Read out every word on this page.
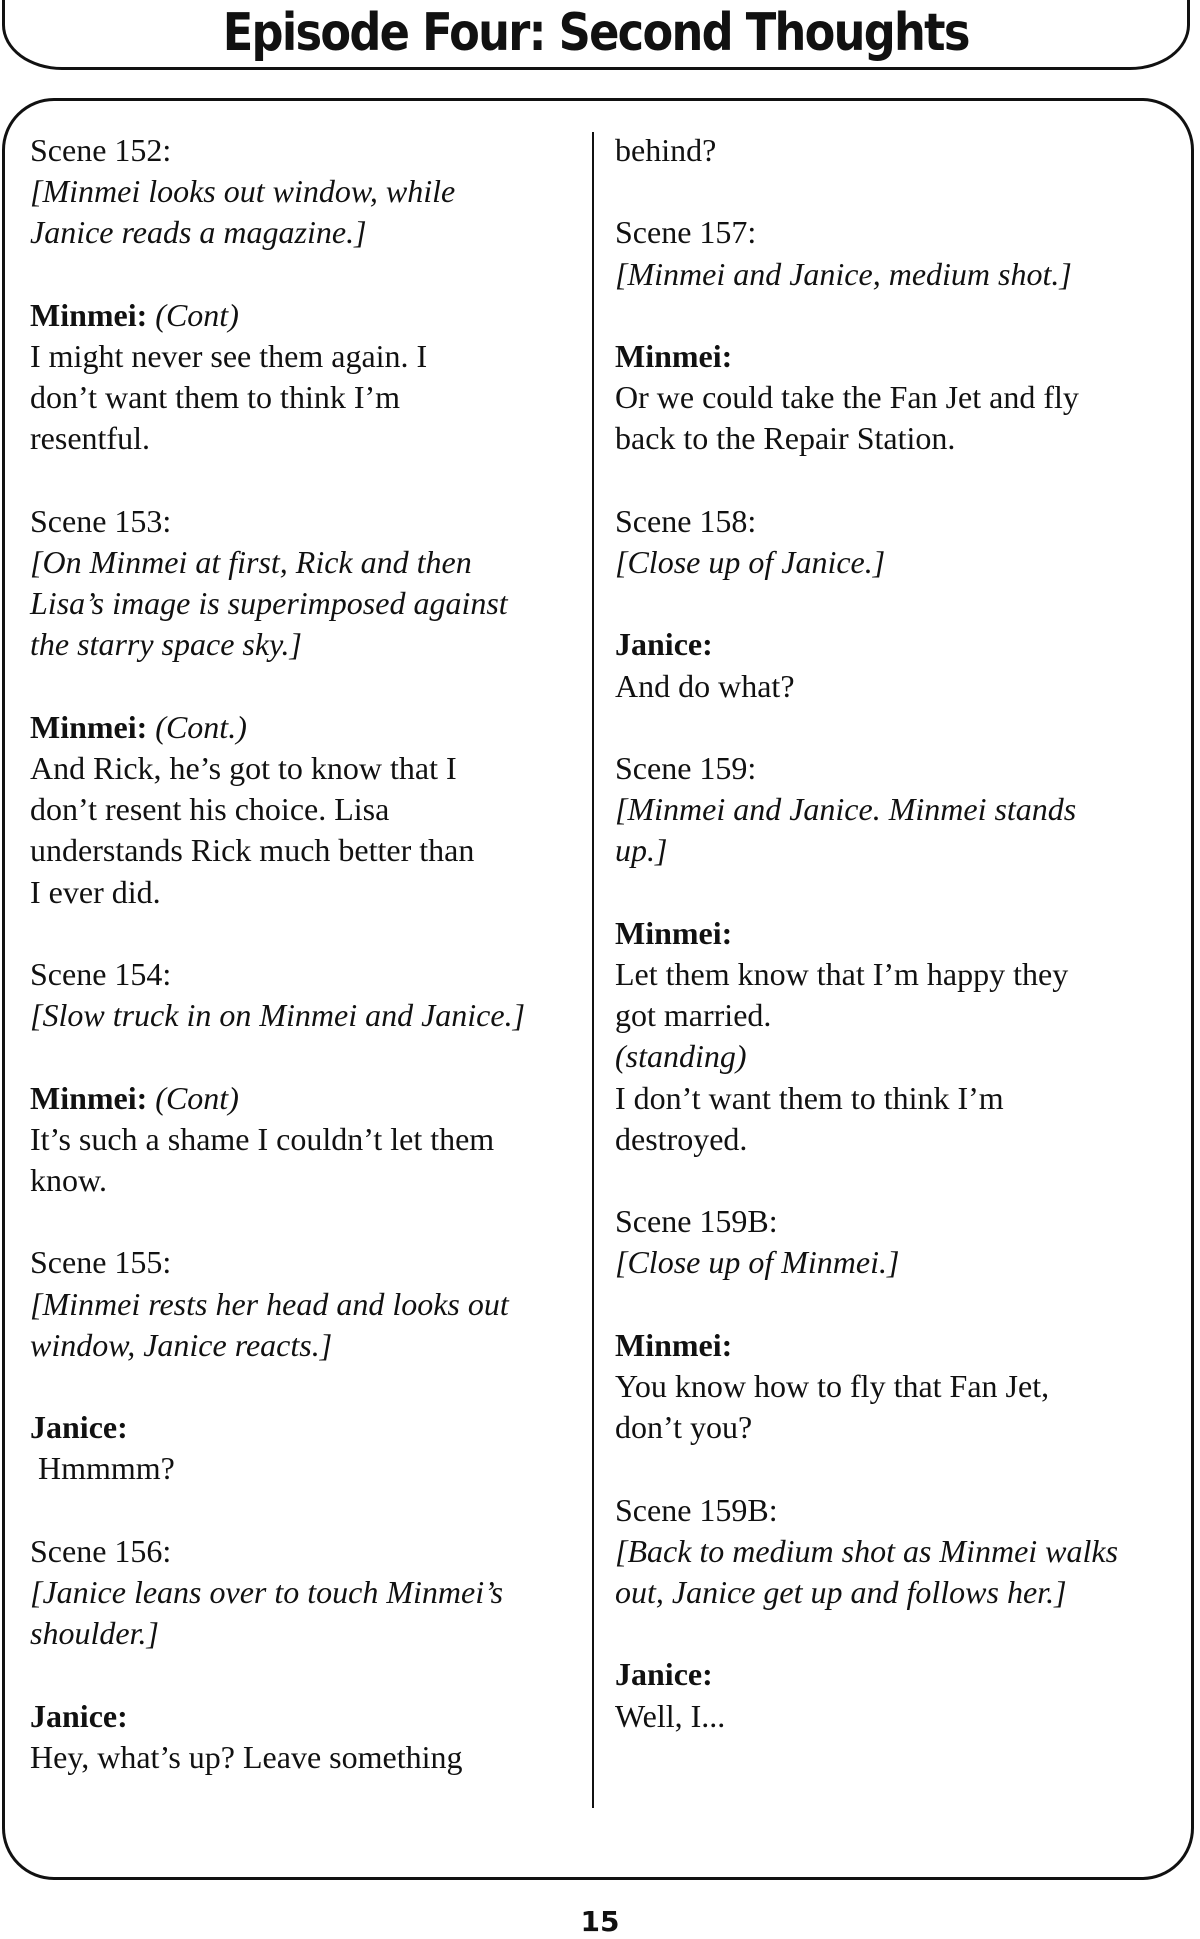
Episode Four: Second Thoughts
Scene 152:
[Minmei looks out window, while
Janice reads a magazine.]
Minmei: (Cont)
I might never see them again. I
don’t want them to think I’m
resentful.
Scene 153:
[On Minmei at first, Rick and then
Lisa’s image is superimposed against
the starry space sky.]
Minmei: (Cont.)
And Rick, he’s got to know that I
don’t resent his choice. Lisa
understands Rick much better than
I ever did.
Scene 154:
[Slow truck in on Minmei and Janice.]
Minmei: (Cont)
It’s such a shame I couldn’t let them
know.
Scene 155:
[Minmei rests her head and looks out
window, Janice reacts.]
Janice:
Hmmmm?
Scene 156:
[Janice leans over to touch Minmei’s
shoulder.]
Janice:
Hey, what’s up? Leave something
behind?
Scene 157:
[Minmei and Janice, medium shot.]
Minmei:
Or we could take the Fan Jet and fly
back to the Repair Station.
Scene 158:
[Close up of Janice.]
Janice:
And do what?
Scene 159:
[Minmei and Janice. Minmei stands
up.]
Minmei:
Let them know that I’m happy they
got married.
(standing)
I don’t want them to think I’m
destroyed.
Scene 159B:
[Close up of Minmei.]
Minmei:
You know how to fly that Fan Jet,
don’t you?
Scene 159B:
[Back to medium shot as Minmei walks
out, Janice get up and follows her.]
Janice:
Well, I...
15
